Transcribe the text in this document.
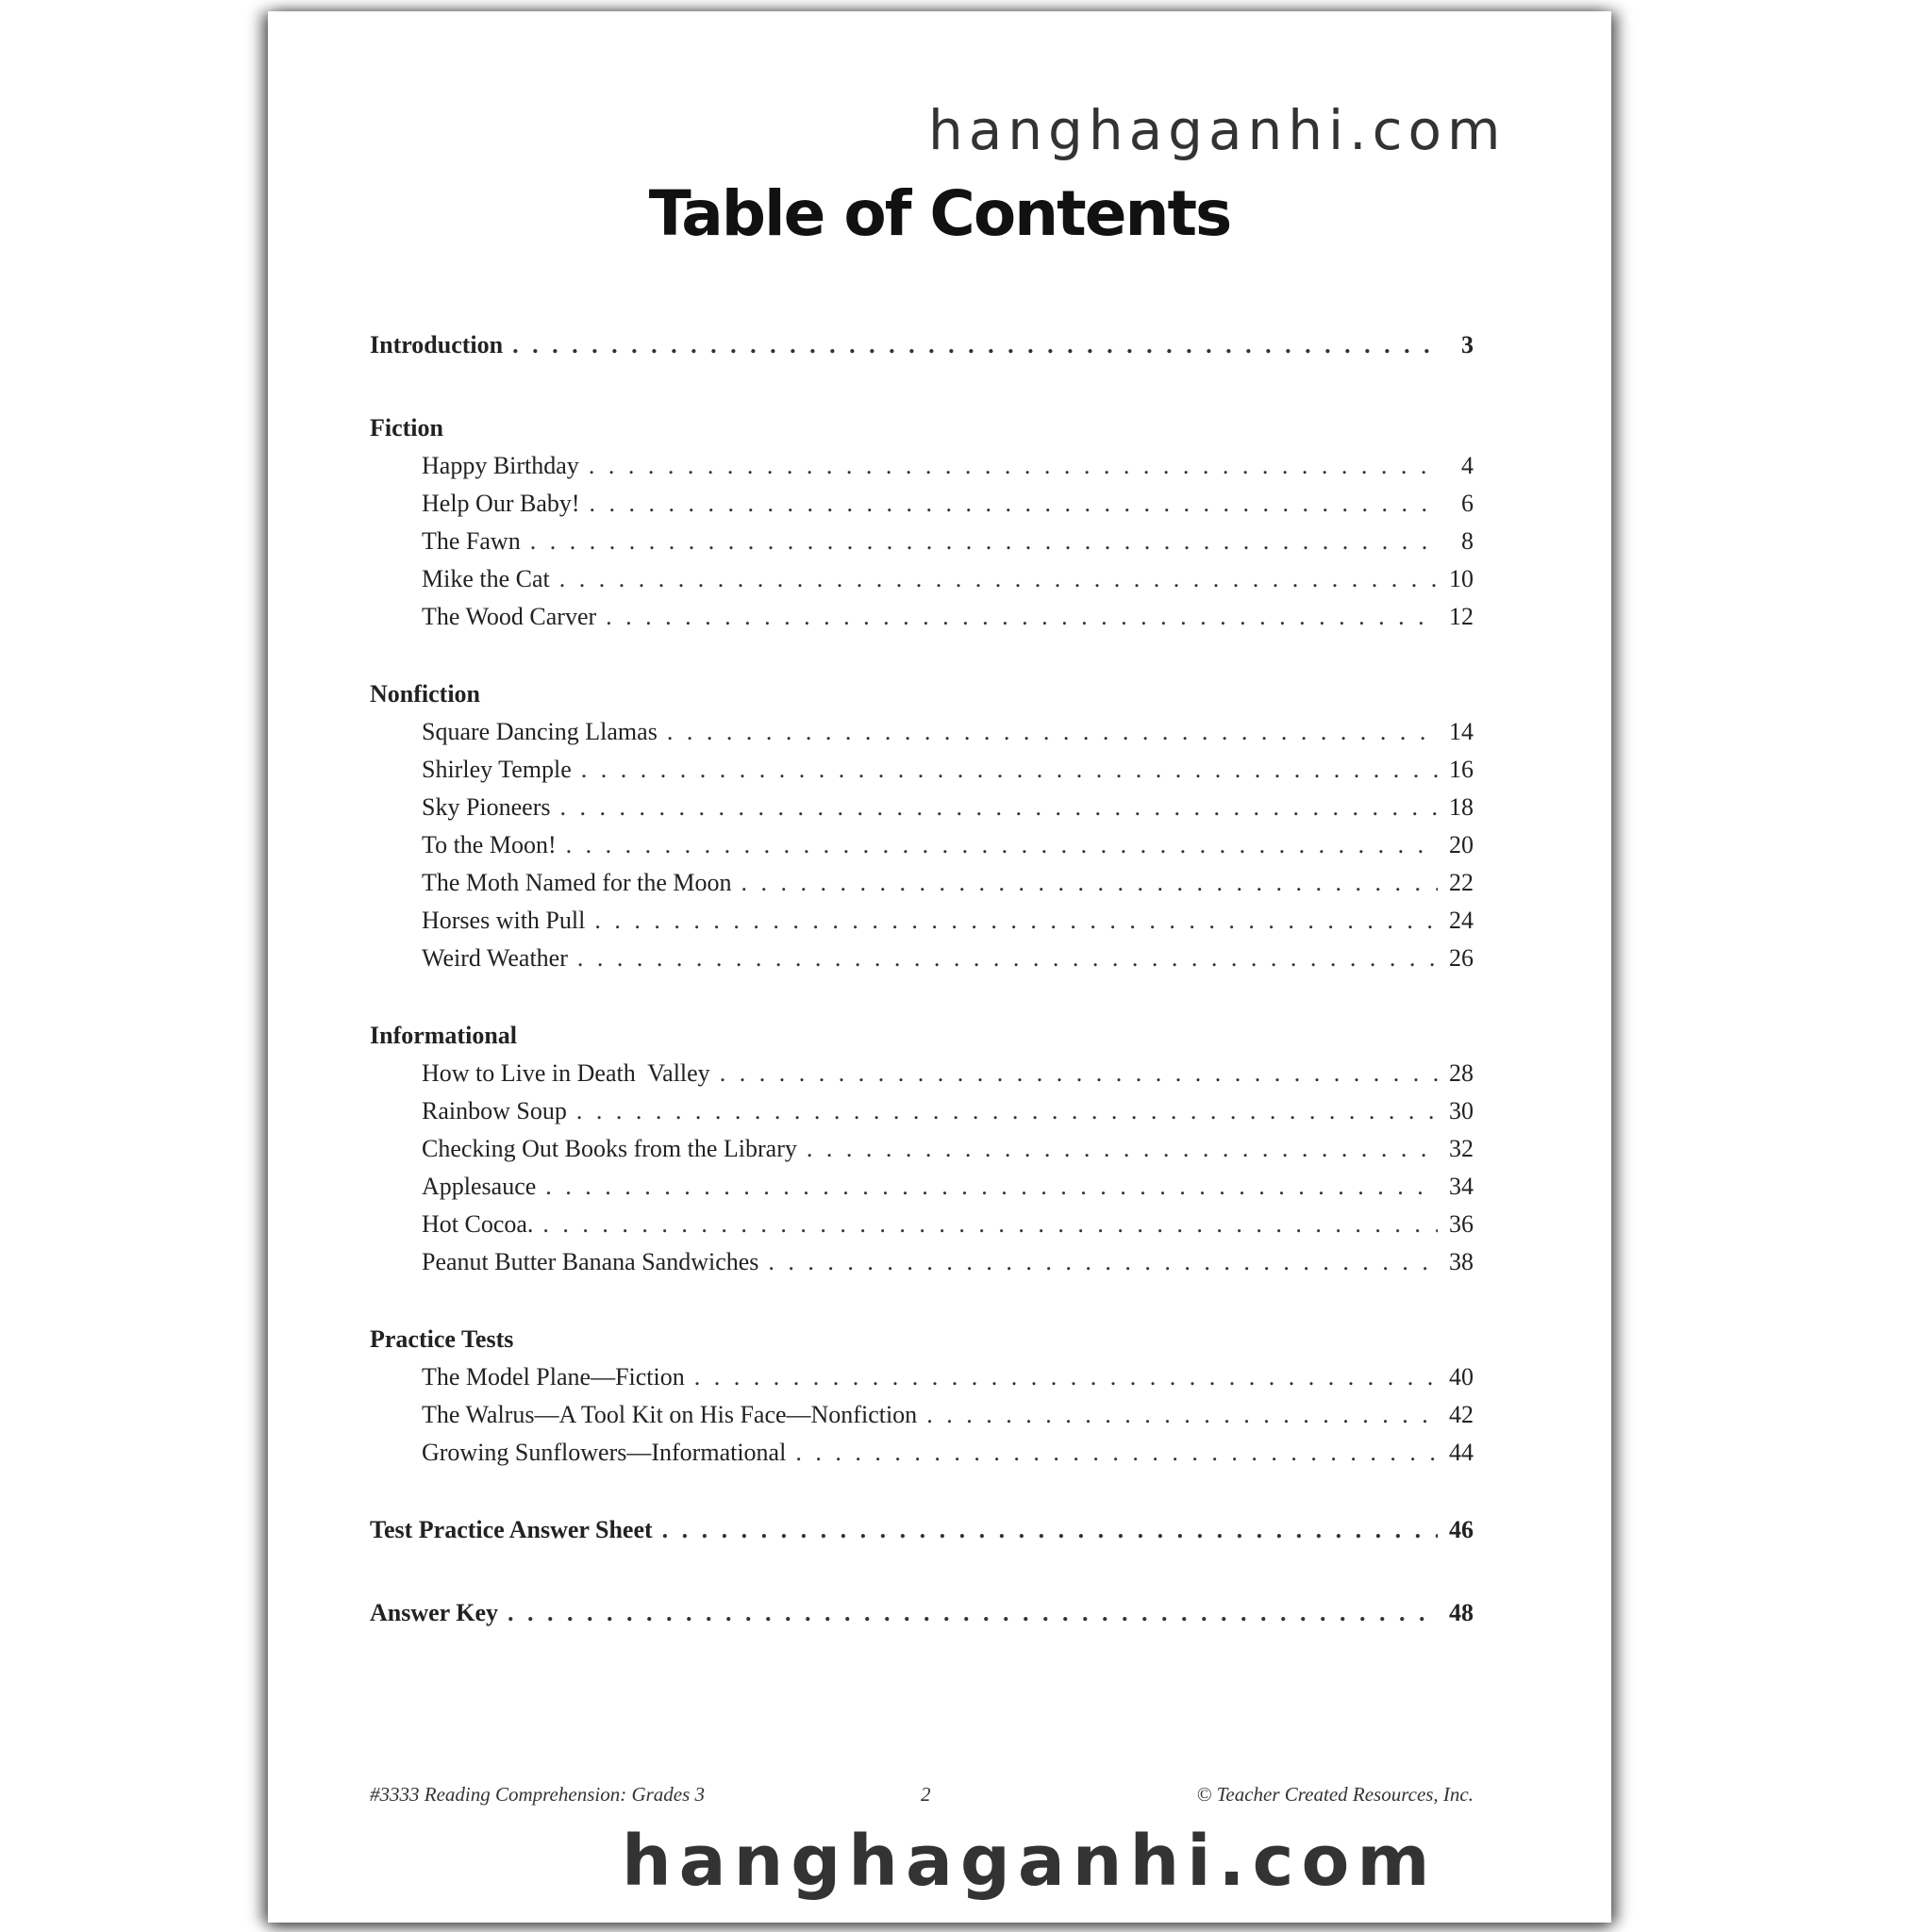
hanghaganhi.com
Table of Contents
Introduction . . .	3
Fiction
Happy Birthday . . .	4
Help Our Baby! . . .	6
The Fawn . . .	8
Mike the Cat . . .	10
The Wood Carver . . .	12
Nonfiction
Square Dancing Llamas . . .	14
Shirley Temple . . .	16
Sky Pioneers . . .	18
To the Moon! . . .	20
The Moth Named for the Moon . . .	22
Horses with Pull . . .	24
Weird Weather . . .	26
Informational
How to Live in Death  Valley . . .	28
Rainbow Soup . . .	30
Checking Out Books from the Library . . .	32
Applesauce . . .	34
Hot Cocoa. . . .	36
Peanut Butter Banana Sandwiches . . .	38
Practice Tests
The Model Plane—Fiction . . .	40
The Walrus—A Tool Kit on His Face—Nonfiction . . .	42
Growing Sunflowers—Informational . . .	44
Test Practice Answer Sheet . . .	46
Answer Key . . .	48
#3333 Reading Comprehension: Grades 3	2	© Teacher Created Resources, Inc.
hanghaganhi.com
